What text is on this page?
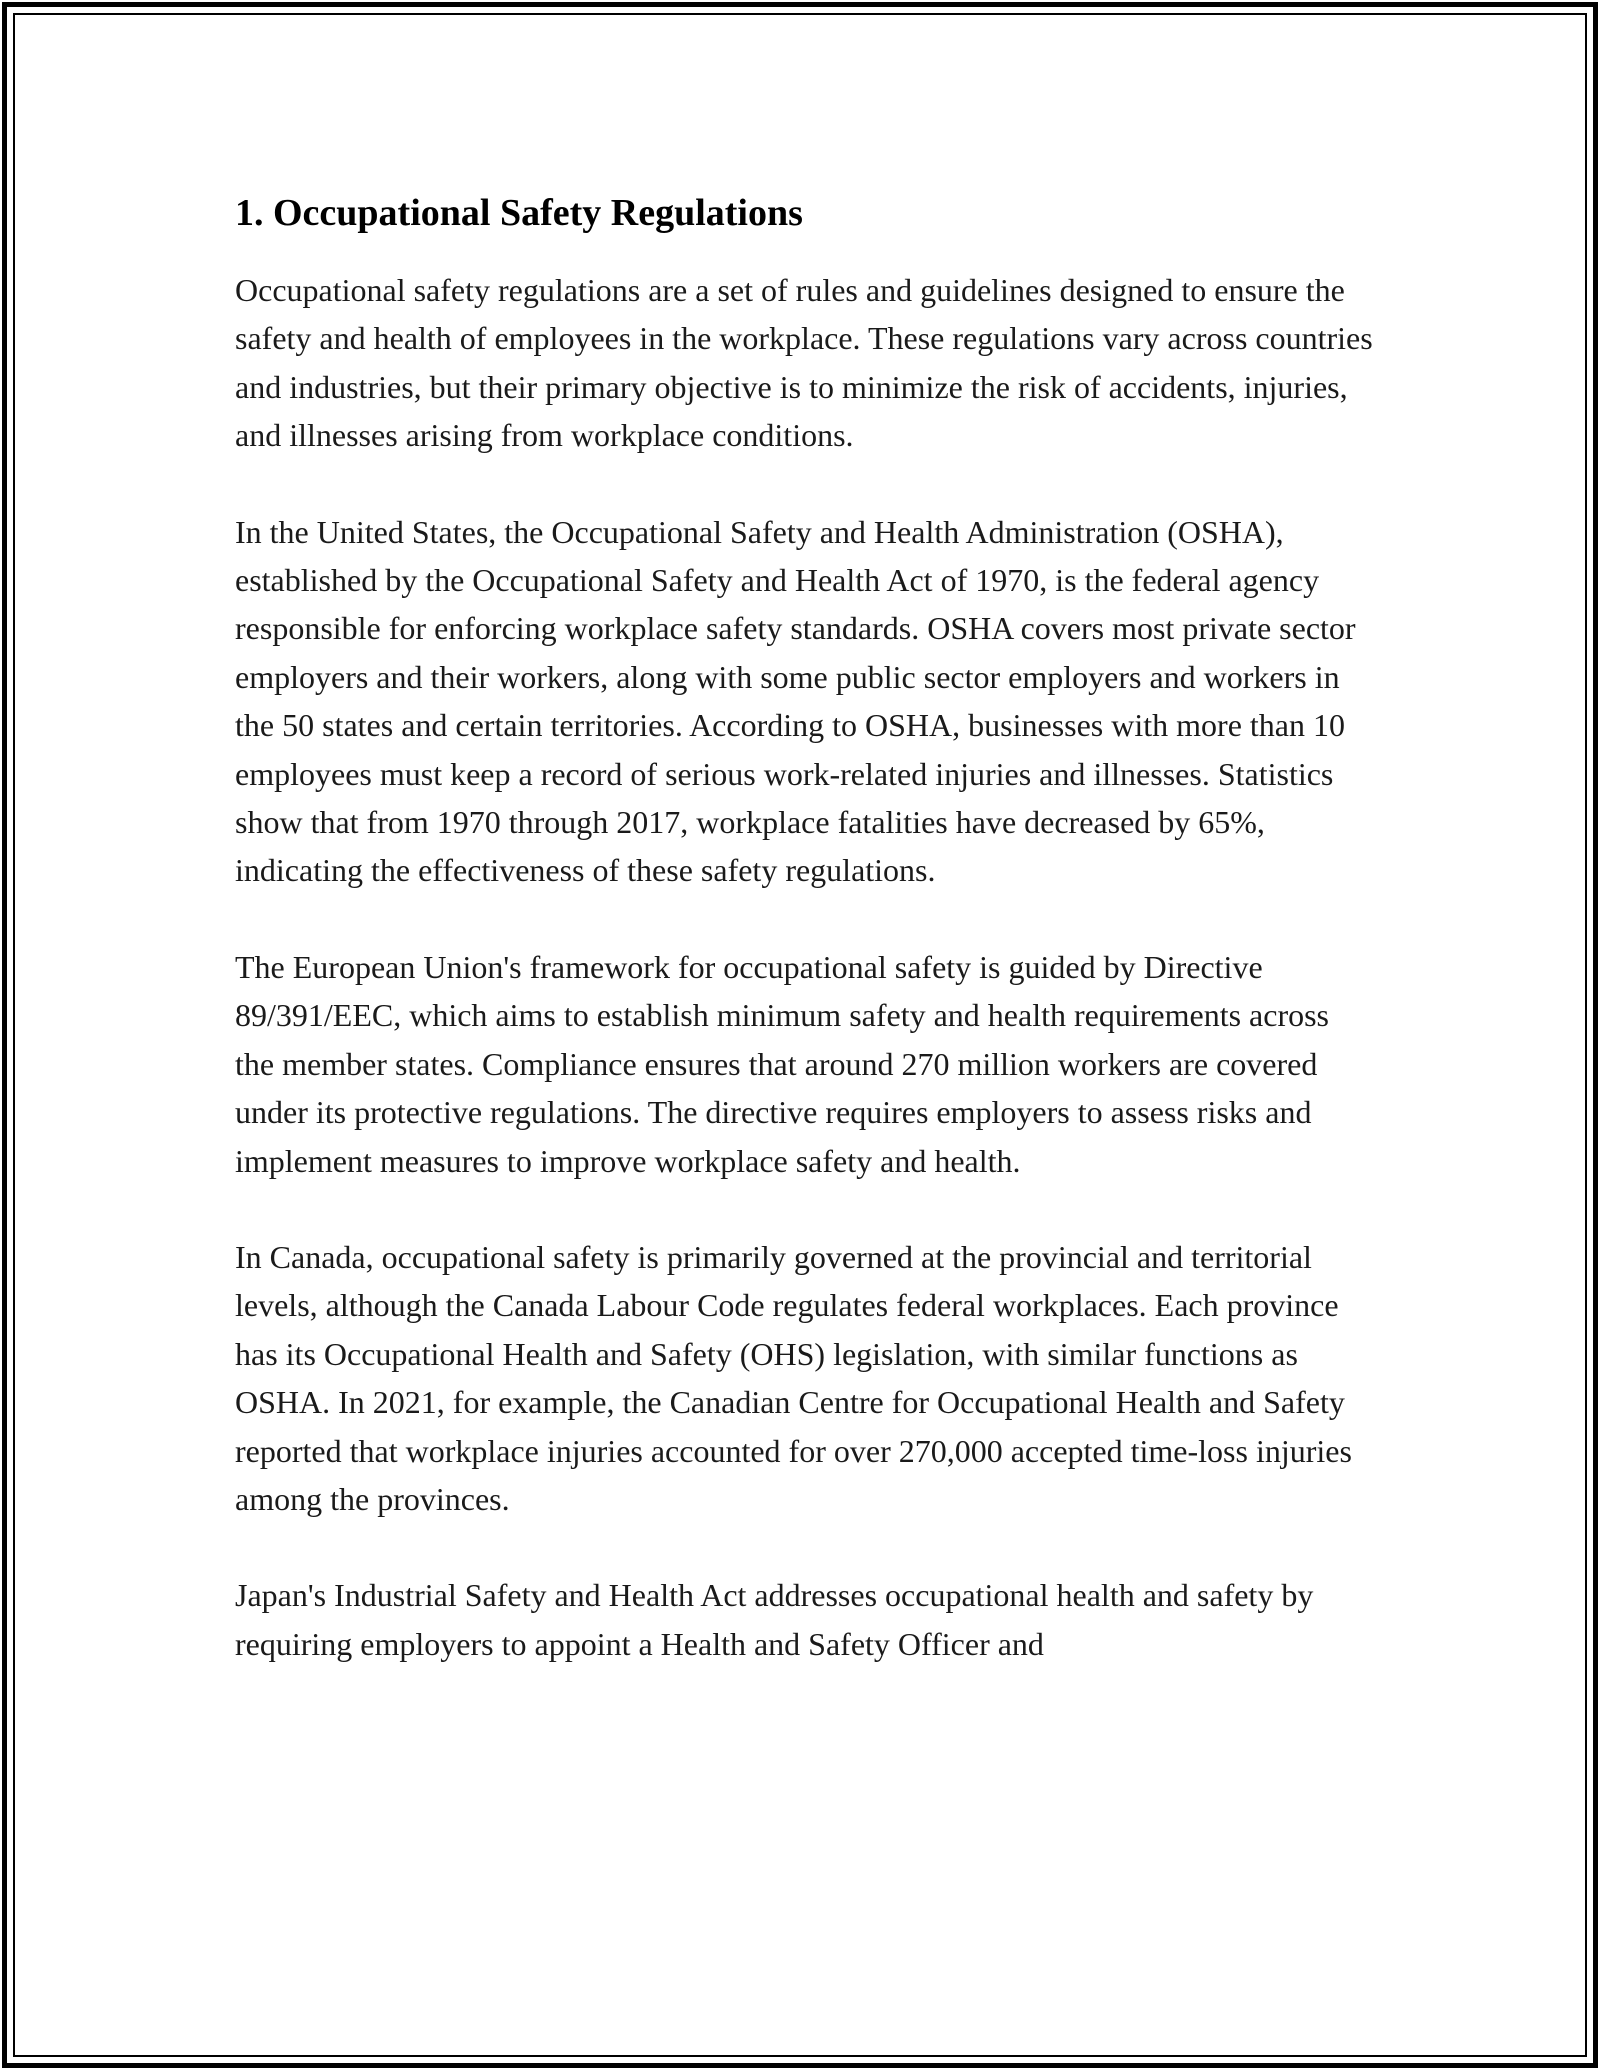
1. Occupational Safety Regulations

Occupational safety regulations are a set of rules and guidelines designed to ensure the safety and health of employees in the workplace. These regulations vary across countries and industries, but their primary objective is to minimize the risk of accidents, injuries, and illnesses arising from workplace conditions.

In the United States, the Occupational Safety and Health Administration (OSHA), established by the Occupational Safety and Health Act of 1970, is the federal agency responsible for enforcing workplace safety standards. OSHA covers most private sector employers and their workers, along with some public sector employers and workers in the 50 states and certain territories. According to OSHA, businesses with more than 10 employees must keep a record of serious work-related injuries and illnesses. Statistics show that from 1970 through 2017, workplace fatalities have decreased by 65%, indicating the effectiveness of these safety regulations.

The European Union's framework for occupational safety is guided by Directive 89/391/EEC, which aims to establish minimum safety and health requirements across the member states. Compliance ensures that around 270 million workers are covered under its protective regulations. The directive requires employers to assess risks and implement measures to improve workplace safety and health.

In Canada, occupational safety is primarily governed at the provincial and territorial levels, although the Canada Labour Code regulates federal workplaces. Each province has its Occupational Health and Safety (OHS) legislation, with similar functions as OSHA. In 2021, for example, the Canadian Centre for Occupational Health and Safety reported that workplace injuries accounted for over 270,000 accepted time-loss injuries among the provinces.

Japan's Industrial Safety and Health Act addresses occupational health and safety by requiring employers to appoint a Health and Safety Officer and
